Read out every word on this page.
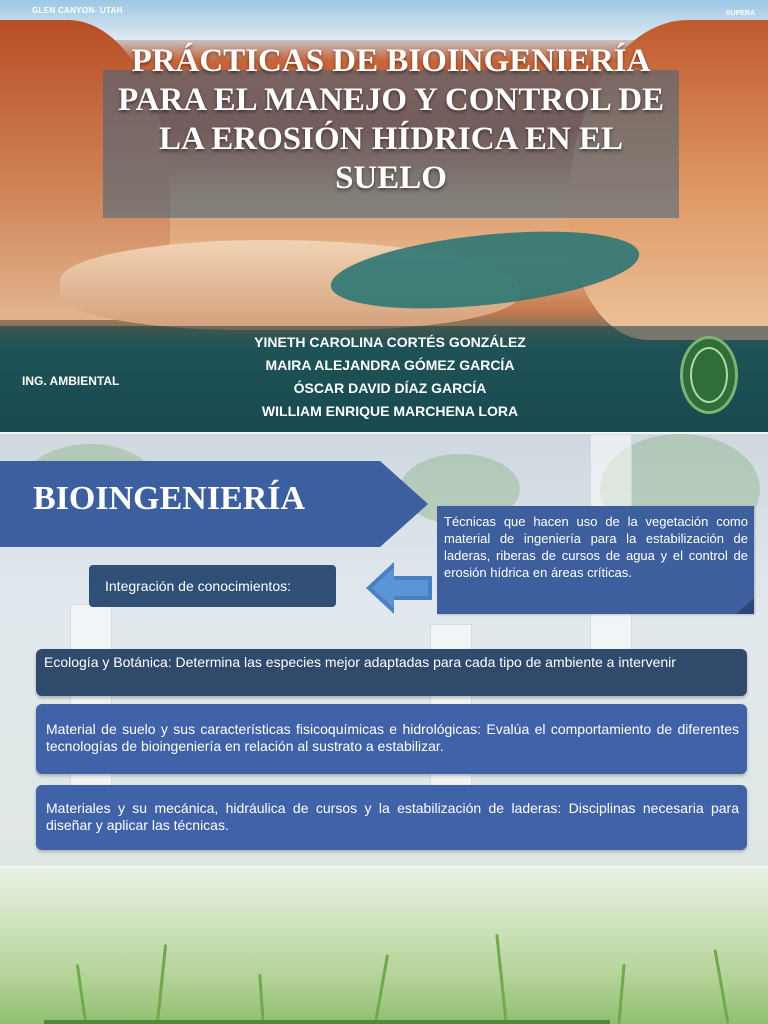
GLEN CANYON- UTAH	SUPERA
PRÁCTICAS DE BIOINGENIERÍA PARA EL MANEJO Y CONTROL DE LA EROSIÓN HÍDRICA EN EL SUELO
ING. AMBIENTAL
YINETH CAROLINA CORTÉS GONZÁLEZ
MAIRA ALEJANDRA GÓMEZ GARCÍA
ÓSCAR DAVID DÍAZ GARCÍA
WILLIAM ENRIQUE MARCHENA LORA
BIOINGENIERÍA
Técnicas que hacen uso de la vegetación como material de ingeniería para la estabilización de laderas, riberas de cursos de agua y el control de erosión hídrica en áreas críticas.
Integración de conocimientos:
Ecología y Botánica: Determina las especies mejor adaptadas para cada tipo de ambiente a intervenir
Material de suelo y sus características fisicoquímicas e hidrológicas: Evalúa el comportamiento de diferentes tecnologías de bioingeniería en relación al sustrato a estabilizar.
Materiales y su mecánica, hidráulica de cursos y la estabilización de laderas: Disciplinas necesaria para diseñar y aplicar las técnicas.
